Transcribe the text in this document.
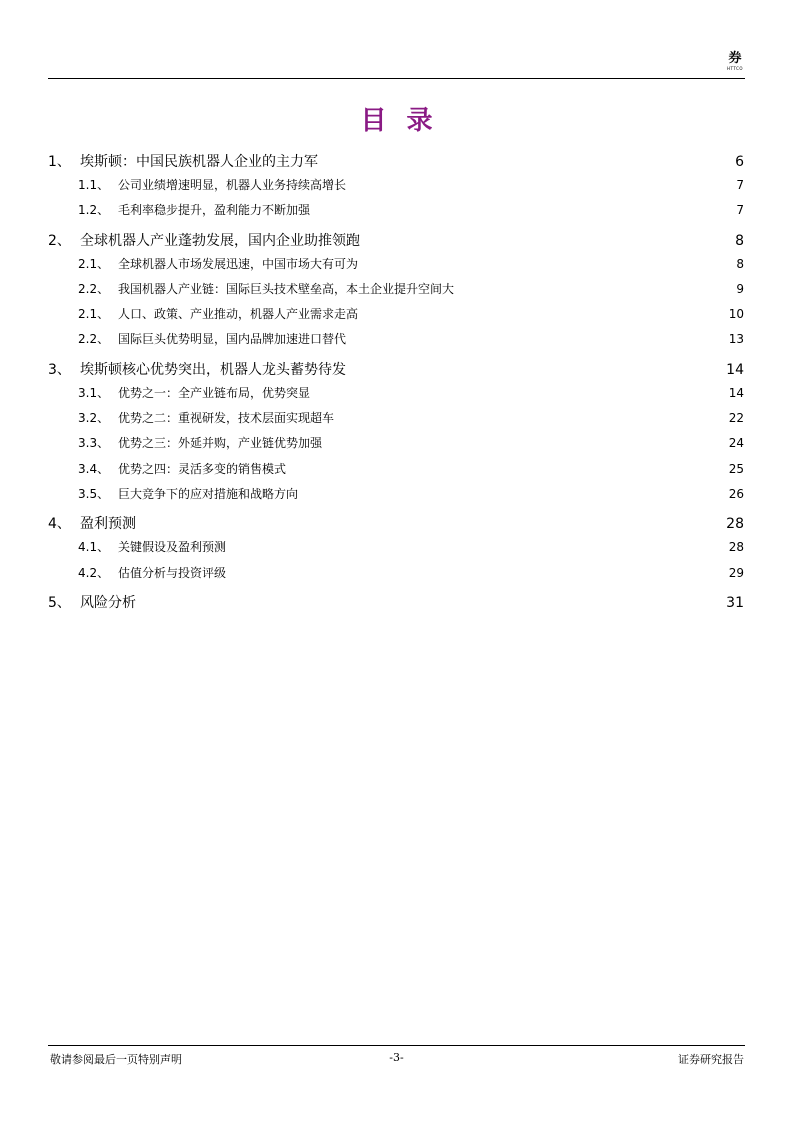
券
HTTCO
目录
1、 埃斯顿：中国民族机器人企业的主力军	6
1.1、 公司业绩增速明显，机器人业务持续高增长	7
1.2、 毛利率稳步提升，盈利能力不断加强	7
2、 全球机器人产业蓬勃发展，国内企业助推领跑	8
2.1、 全球机器人市场发展迅速，中国市场大有可为	8
2.2、 我国机器人产业链：国际巨头技术壁垒高，本土企业提升空间大	9
2.1、 人口、政策、产业推动，机器人产业需求走高	10
2.2、 国际巨头优势明显，国内品牌加速进口替代	13
3、 埃斯顿核心优势突出，机器人龙头蓄势待发	14
3.1、 优势之一：全产业链布局，优势突显	14
3.2、 优势之二：重视研发，技术层面实现超车	22
3.3、 优势之三：外延并购，产业链优势加强	24
3.4、 优势之四：灵活多变的销售模式	25
3.5、 巨大竞争下的应对措施和战略方向	26
4、 盈利预测	28
4.1、 关键假设及盈利预测	28
4.2、 估值分析与投资评级	29
5、 风险分析	31
敬请参阅最后一页特别声明	-3-	证券研究报告
